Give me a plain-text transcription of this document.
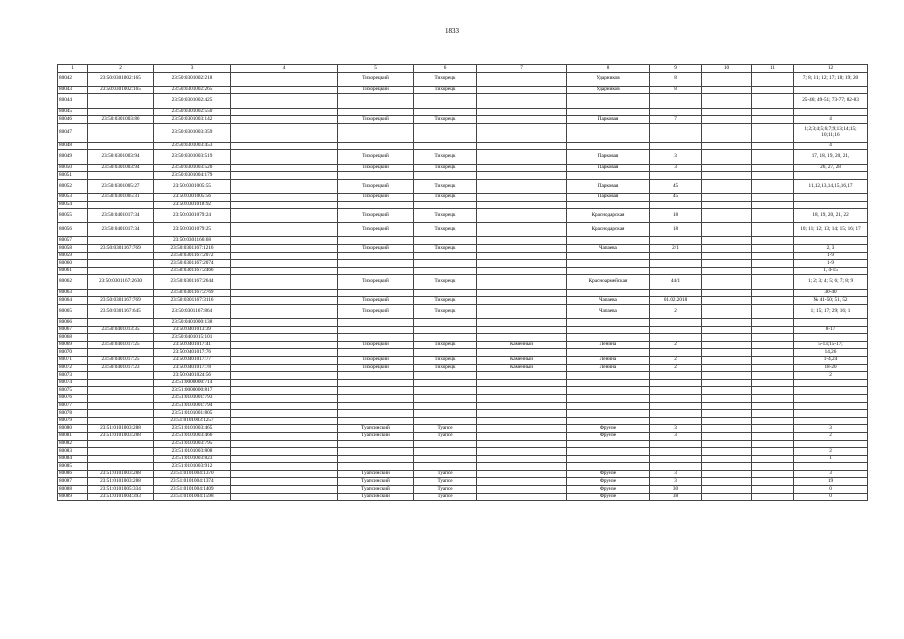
1833
1	2	3	4	5	6	7	8	9	10	11	12
80042	23:50:0301002:165	23:50:0301002:218		Тихорецкий	Тихорецк		Ударников	8			7; 8; 11; 12; 17; 18; 19; 20
80043	23:50:0301002:165	23:50:0301002:265		Тихорецкий	Тихорецк		Ударников	8			
80044		23:50:0301002:425									25-46; 49-51; 73-77; 82-83
80045		23:50:0301002:550									
80046	23:50:0301003:86	23:50:0301003:142		Тихорецкий	Тихорецк		Парковая	7			4
80047		23:50:0301003:359									1;2;3;4;5;6;7;9;13;14;15; 10;11;16
80048		23:50:0301003:453									4
80049	23:50:0301003:94	23:50:0301003:519		Тихорецкий	Тихорецк		Парковая	3			17, 18, 19, 20, 21,
80050	23:50:0301003:94	23:50:0301003:520		Тихорецкий	Тихорецк		Парковая	3			26, 27, 28
80051		23:50:0301004:179									
80052	23:50:0301005:27	23:50:0301005:55		Тихорецкий	Тихорецк		Парковая	45			11,12,13,14,15,16,17
80053	23:50:0301005:31	23:50:0301005:56		Тихорецкий	Тихорецк		Парковая	45			
80054		23:50:0301018:92									
80055	23:50:0401017:34	23:50:0301079:24		Тихорецкий	Тихорецк		Краснодарская	18			18, 19, 20, 21, 22
80056	23:50:0401017:34	23:50:0301079:25		Тихорецкий	Тихорецк		Краснодарская	18			10; 11; 12; 13; 14; 15; 16; 17
80057		23:50:0301166:68									
80058	23:50:0301167:769	23:50:0301167:1216		Тихорецкий	Тихорецк		Чапаева	2/1			2, 3
80059		23:50:0301167:2072									1-9
80060		23:50:0301167:2074									1-9
80061		23:50:0301167:2466									1, 4-15
80062	23:50:0301167:2630	23:50:0301167:2644		Тихорецкий	Тихорецк		Красноармейская	44/1			1; 2; 3; 4; 5; 6; 7; 8; 9
80063		23:50:0301167:2769									30-40
80064	23:50:0301167:769	23:50:0301167:3116		Тихорецкий	Тихорецк		Чапаева	01.02.2018			№ 41-50; 51, 52
80065	23:50:0301167:645	23:50:0301167:864		Тихорецкий	Тихорецк		Чапаева	2			1; 15; 17; 29; 16; 1
80066		23:50:0401000:138									
80067	23:50:0401013:35	23:50:0401013:39									8-17
80068		23:50:0401015:101									
80069	23:50:0401017:25	23:50:0401017:41		Тихорецкий	Тихорецк	Каменный	Ленина	2			5-13;15-17;
80070		23:50:0401017:76									14,26
80071	23:50:0401017:25	23:50:0401017:77		Тихорецкий	Тихорецк	Каменный	Ленина	2			1-4,24
80072	23:50:0401017:23	23:50:0401017:78		Тихорецкий	Тихорецк	Каменный	Ленина	2			18-20
80073		23:50:0401024:56									2
80074		23:51:0000000:714									
80075		23:51:0000000:817									
80076		23:51:0101001:793									
80077		23:51:0101001:794									
80078		23:51:0101001:805									
80079		23:51:0101003:1257									
80080	23:51:0101003:288	23:51:0101003:465		Туапсинский	Туапсе		Фрунзе	3			3
80081	23:51:0101003:288	23:51:0101003:466		Туапсинский	Туапсе		Фрунзе	3			2
80082		23:51:0101003:795									
80083		23:51:0101003:808									2
80084		23:51:0101003:823									1
80085		23:51:0101003:912									
80086	23:51:0101003:288	23:51:0101004:1370		Туапсинский	Туапсе		Фрунзе	3			3
80087	23:51:0101003:288	23:51:0101004:1374		Туапсинский	Туапсе		Фрунзе	3			19
80088	23:51:0101005:334	23:51:0101004:1409		Туапсинский	Туапсе		Фрунзе	30			0
80089	23:51:0101004:393	23:51:0101004:1598		Туапсинский	Туапсе		Фрунзе	38			0
